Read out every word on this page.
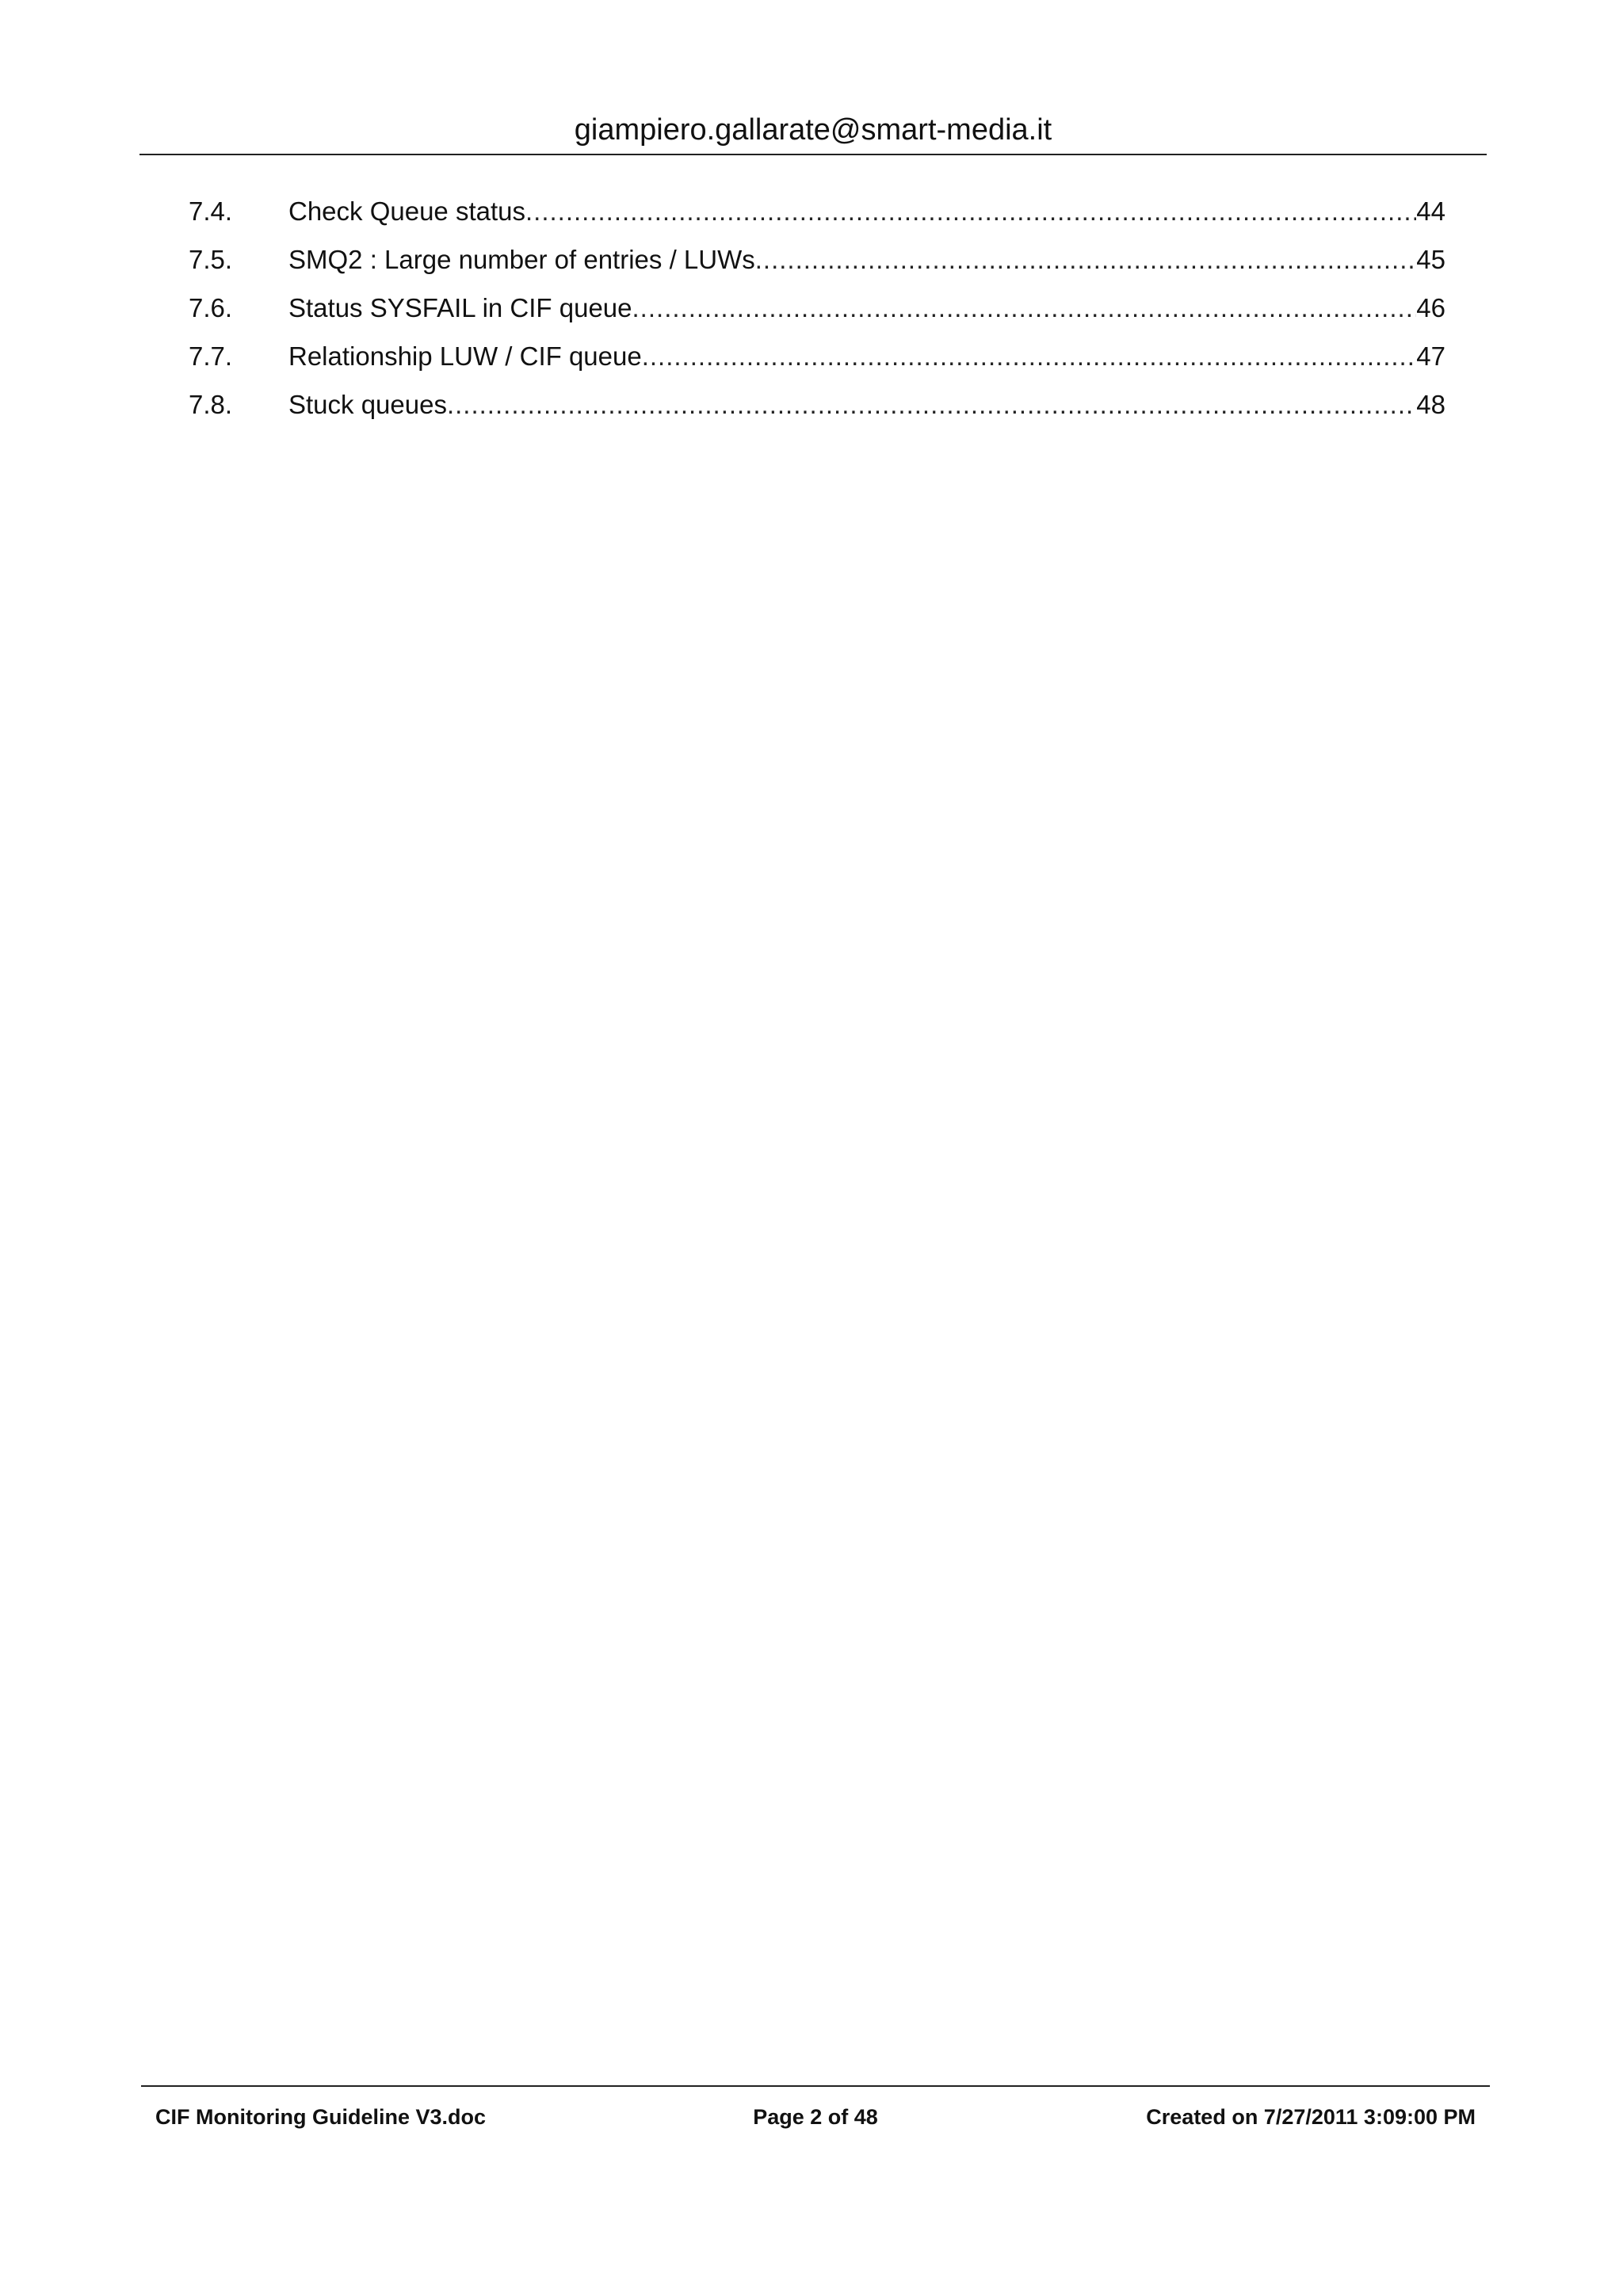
giampiero.gallarate@smart-media.it
7.4.	Check Queue status .....	44
7.5.	SMQ2 : Large number of entries / LUWs .....	45
7.6.	Status SYSFAIL in CIF queue .....	46
7.7.	Relationship LUW / CIF queue .....	47
7.8.	Stuck queues .....	48
CIF Monitoring Guideline V3.doc	Page 2 of 48	Created on 7/27/2011 3:09:00 PM
